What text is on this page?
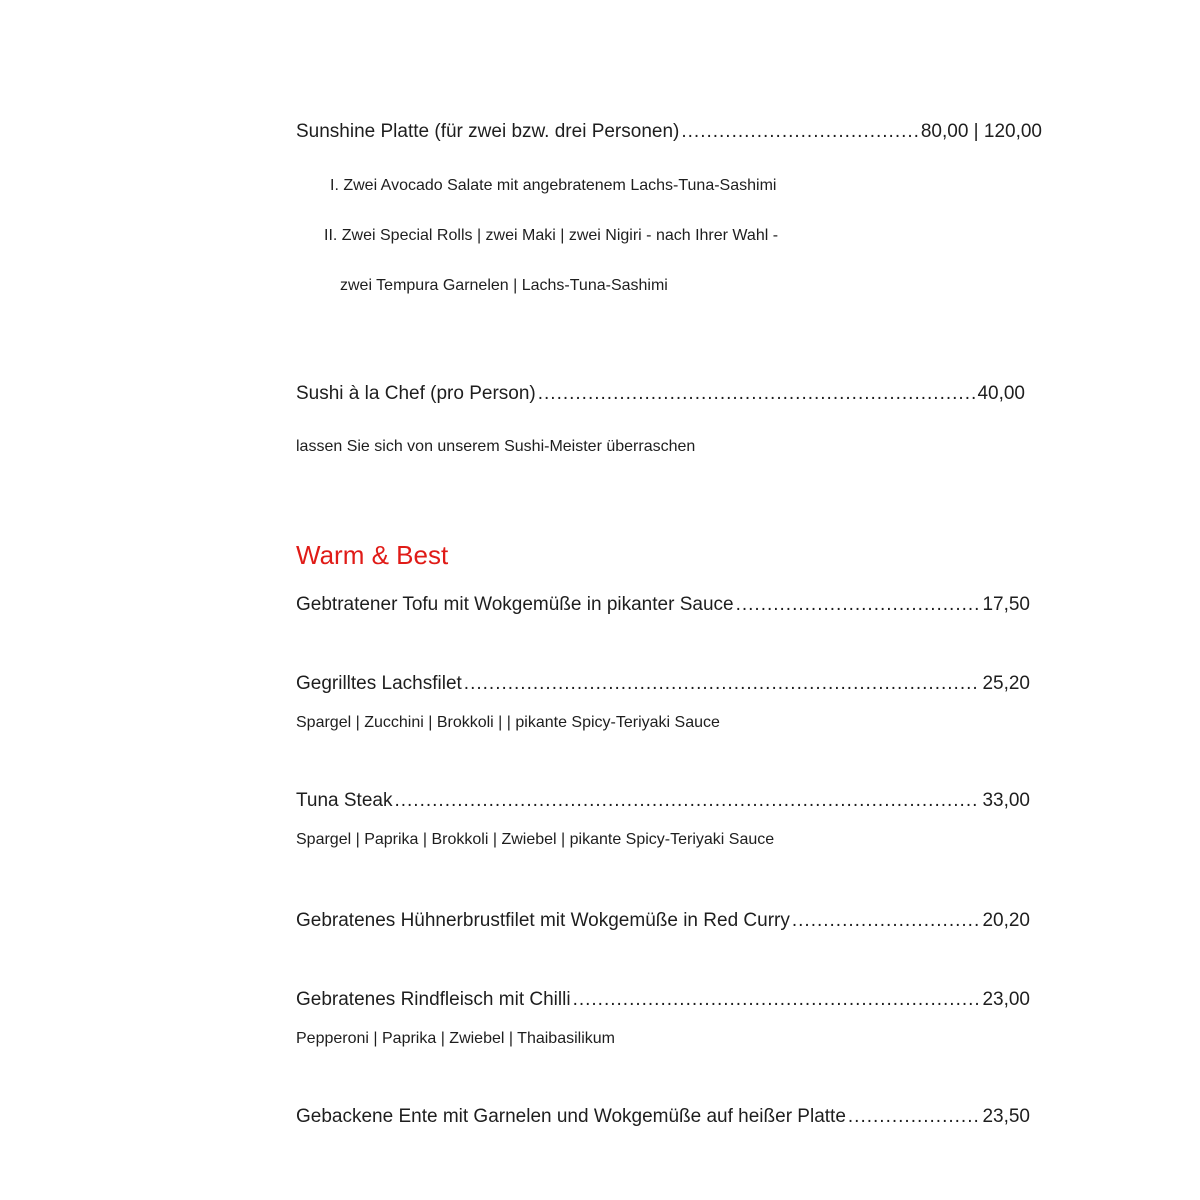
Sunshine Platte (für zwei bzw. drei Personen) .....	80,00 | 120,00
I. Zwei Avocado Salate mit angebratenem Lachs-Tuna-Sashimi
II. Zwei Special Rolls | zwei Maki | zwei Nigiri - nach Ihrer Wahl -
zwei Tempura Garnelen | Lachs-Tuna-Sashimi
Sushi à la Chef (pro Person) .....	40,00
lassen Sie sich von unserem Sushi-Meister überraschen
Warm & Best
Gebtratener Tofu mit Wokgemüße in pikanter Sauce .....	17,50
Gegrilltes Lachsfilet .....	25,20
Spargel | Zucchini | Brokkoli | | pikante Spicy-Teriyaki Sauce
Tuna Steak .....	33,00
Spargel | Paprika | Brokkoli | Zwiebel | pikante Spicy-Teriyaki Sauce
Gebratenes Hühnerbrustfilet mit Wokgemüße in Red Curry .....	20,20
Gebratenes Rindfleisch mit Chilli .....	23,00
Pepperoni | Paprika | Zwiebel | Thaibasilikum
Gebackene Ente mit Garnelen und Wokgemüße auf heißer Platte .....	23,50
